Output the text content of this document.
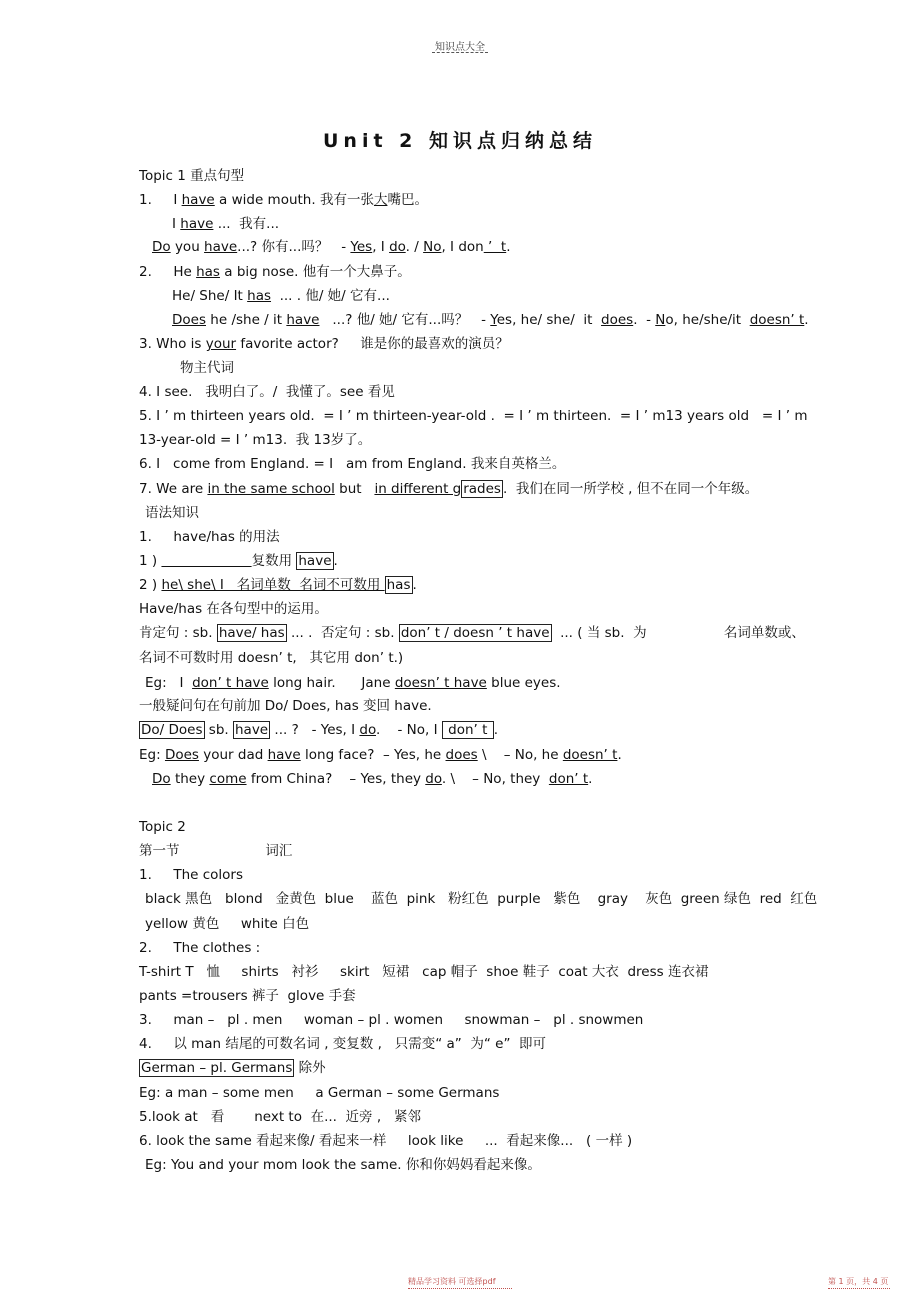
知识点大全
Unit 2 知识点归纳总结
Topic 1 重点句型
1.     I have a wide mouth. 我有一张大嘴巴。
I have ...  我有...
Do you have...? 你有...吗？   - Yes, I do. / No, I don ’  t.
2.     He has a big nose. 他有一个大鼻子。
He/ She/ It has  ... . 他/ 她/ 它有...
Does he /she / it have   ...? 他/ 她/ 它有...吗？   - Yes, he/ she/  it  does.  - No, he/she/it  doesn’ t.
3. Who is your favorite actor?     谁是你的最喜欢的演员？
物主代词
4. I see.   我明白了。/  我懂了。see 看见
5. I ’ m thirteen years old.  = I ’ m thirteen-year-old .  = I ’ m thirteen.  = I ’ m13 years old   = I ’ m
13-year-old = I ’ m13.  我 13岁了。
6. I   come from England. = I   am from England. 我来自英格兰。
7. We are in the same school but   in different g rades .  我们在同一所学校 , 但不在同一个年级。
语法知识
1.     have/has 的用法
1 )	复数用 have .
2 ) he\ she\ I   名词单数  名词不可数用 has .
Have/has 在各句型中的运用。
肯定句 : sb. have/ has ... .  否定句 : sb. don’ t / doesn ’ t have  ... ( 当 sb.  为                  名词单数或、
名词不可数时用 doesn’ t,   其它用 don’ t.)
Eg:   I  don’ t have long hair.      Jane doesn’ t have blue eyes.
一般疑问句在句前加 Do/ Does, has 变回 have.
Do/ Does sb. have ... ?   - Yes, I do.    - No, I  don’ t .
Eg: Does your dad have long face?  – Yes, he does \    – No, he doesn’ t.
Do they come from China?    – Yes, they do. \    – No, they  don’ t.
Topic 2
第一节                    词汇
1.     The colors
black 黑色   blond   金黄色  blue    蓝色  pink   粉红色  purple   紫色    gray    灰色  green 绿色  red  红色
yellow 黄色     white 白色
2.     The clothes :
T-shirt T   恤     shirts   衬衫     skirt   短裙   cap 帽子  shoe 鞋子  coat 大衣  dress 连衣裙
pants =trousers 裤子  glove 手套
3.     man –   pl . men     woman – pl . women     snowman –   pl . snowmen
4.     以 man 结尾的可数名词 , 变复数 ,   只需变“ a”  为“ e”  即可
German – pl. Germans 除外
Eg: a man – some men     a German – some Germans
5.look at   看       next to  在...  近旁 ,   紧邻
6. look the same 看起来像/ 看起来一样     look like     ...  看起来像...   ( 一样 )
Eg: You and your mom look the same. 你和你妈妈看起来像。
精品学习资料 可选择pdf	第 1 页，共 4 页
